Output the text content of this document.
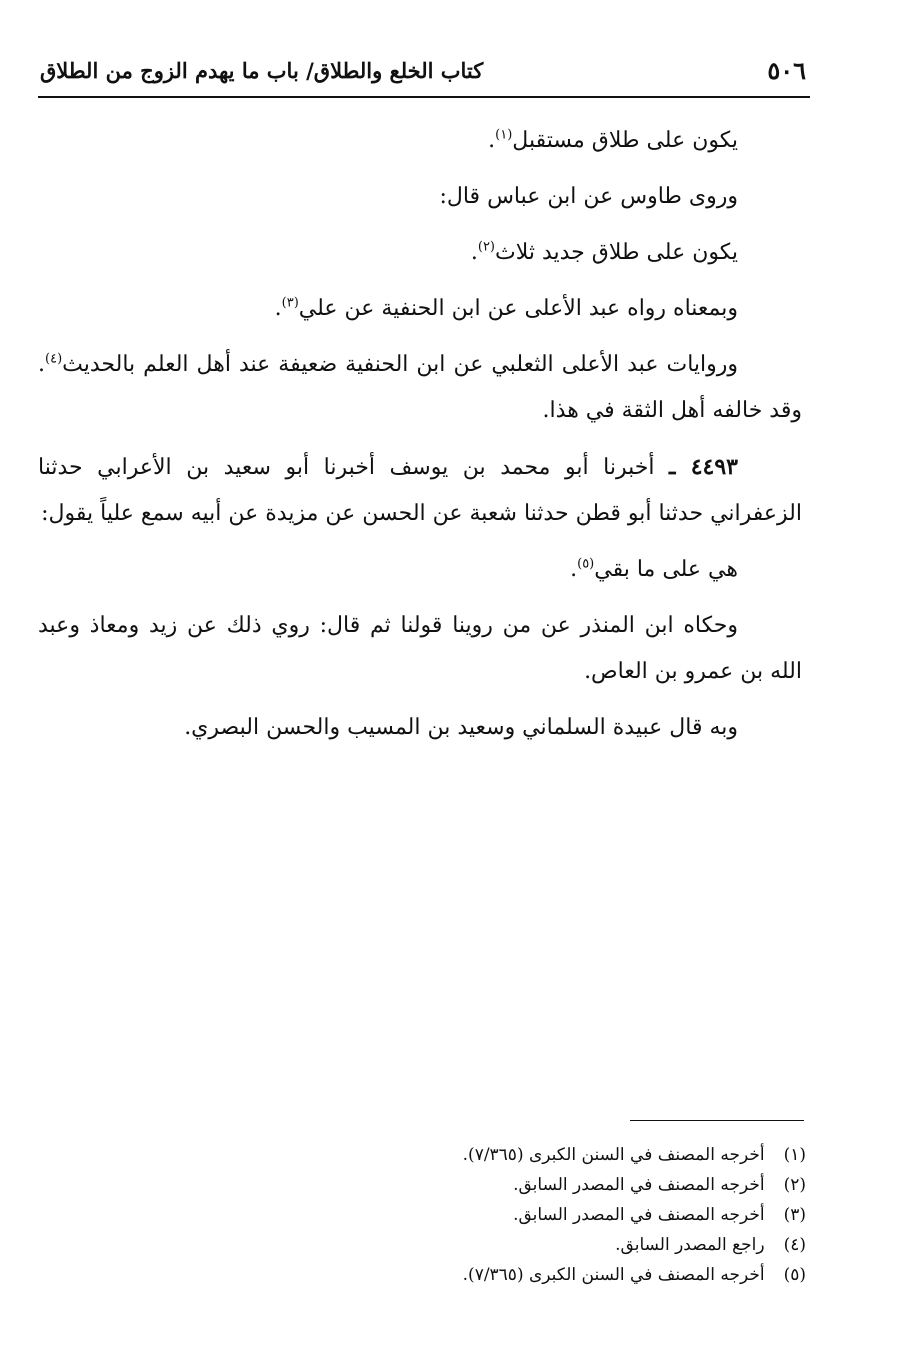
٥٠٦
كتاب الخلع والطلاق/ باب ما يهدم الزوج من الطلاق

يكون على طلاق مستقبل$^{(١)}$.

وروى طاوس عن ابن عباس قال:

يكون على طلاق جديد ثلاث$^{(٢)}$.

وبمعناه رواه عبد الأعلى عن ابن الحنفية عن علي$^{(٣)}$.

وروايات عبد الأعلى الثعلبي عن ابن الحنفية ضعيفة عند أهل العلم بالحديث$^{(٤)}$. وقد خالفه أهل الثقة في هذا.

٤٤٩٣ ـ أخبرنا أبو محمد بن يوسف أخبرنا أبو سعيد بن الأعرابي حدثنا الزعفراني حدثنا أبو قطن حدثنا شعبة عن الحسن عن مزيدة عن أبيه سمع علياً يقول:

هي على ما بقي$^{(٥)}$.

وحكاه ابن المنذر عن من روينا قولنا ثم قال: روي ذلك عن زيد ومعاذ وعبد الله بن عمرو بن العاص.

وبه قال عبيدة السلماني وسعيد بن المسيب والحسن البصري.

(١) أخرجه المصنف في السنن الكبرى (٧/٣٦٥).

(٢) أخرجه المصنف في المصدر السابق.

(٣) أخرجه المصنف في المصدر السابق.

(٤) راجع المصدر السابق.

(٥) أخرجه المصنف في السنن الكبرى (٧/٣٦٥).
